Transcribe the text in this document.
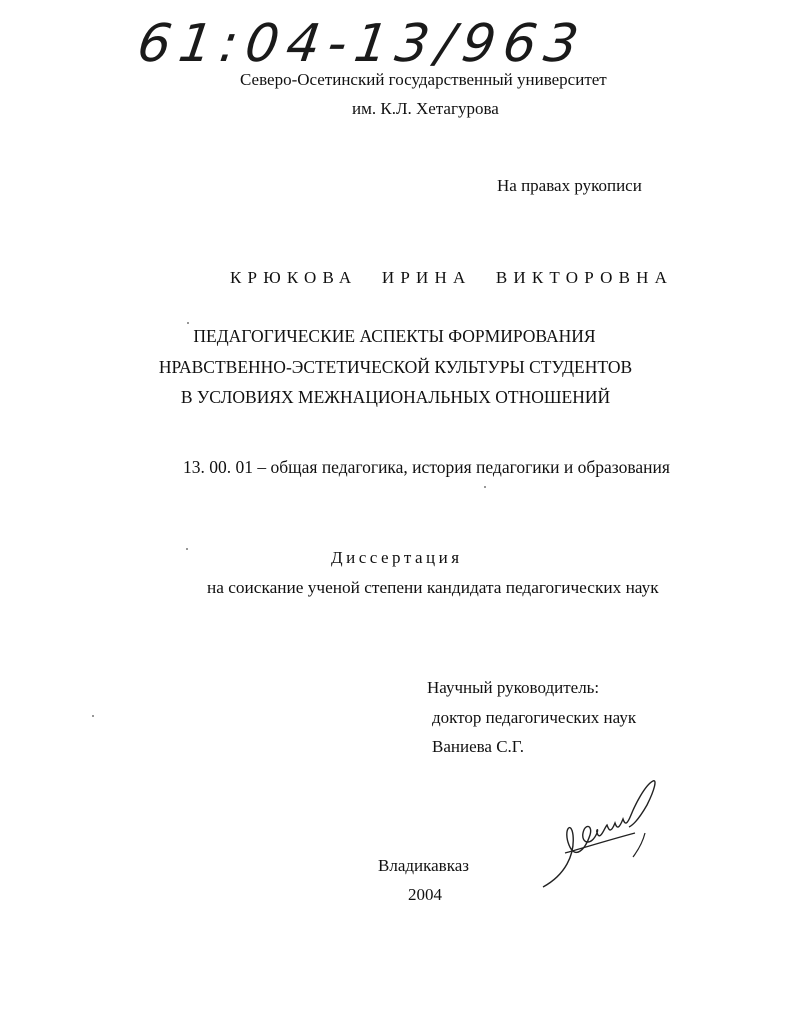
61:04-13/963
Северо-Осетинский государственный университет
им. К.Л. Хетагурова
На правах рукописи
КРЮКОВА ИРИНА ВИКТОРОВНА
ПЕДАГОГИЧЕСКИЕ АСПЕКТЫ ФОРМИРОВАНИЯ
НРАВСТВЕННО-ЭСТЕТИЧЕСКОЙ КУЛЬТУРЫ СТУДЕНТОВ
В УСЛОВИЯХ МЕЖНАЦИОНАЛЬНЫХ ОТНОШЕНИЙ
13. 00. 01 – общая педагогика, история педагогики и образования
Диссертация
на соискание ученой степени кандидата педагогических наук
Научный руководитель:
доктор педагогических наук
Ваниева С.Г.
Владикавказ
2004
